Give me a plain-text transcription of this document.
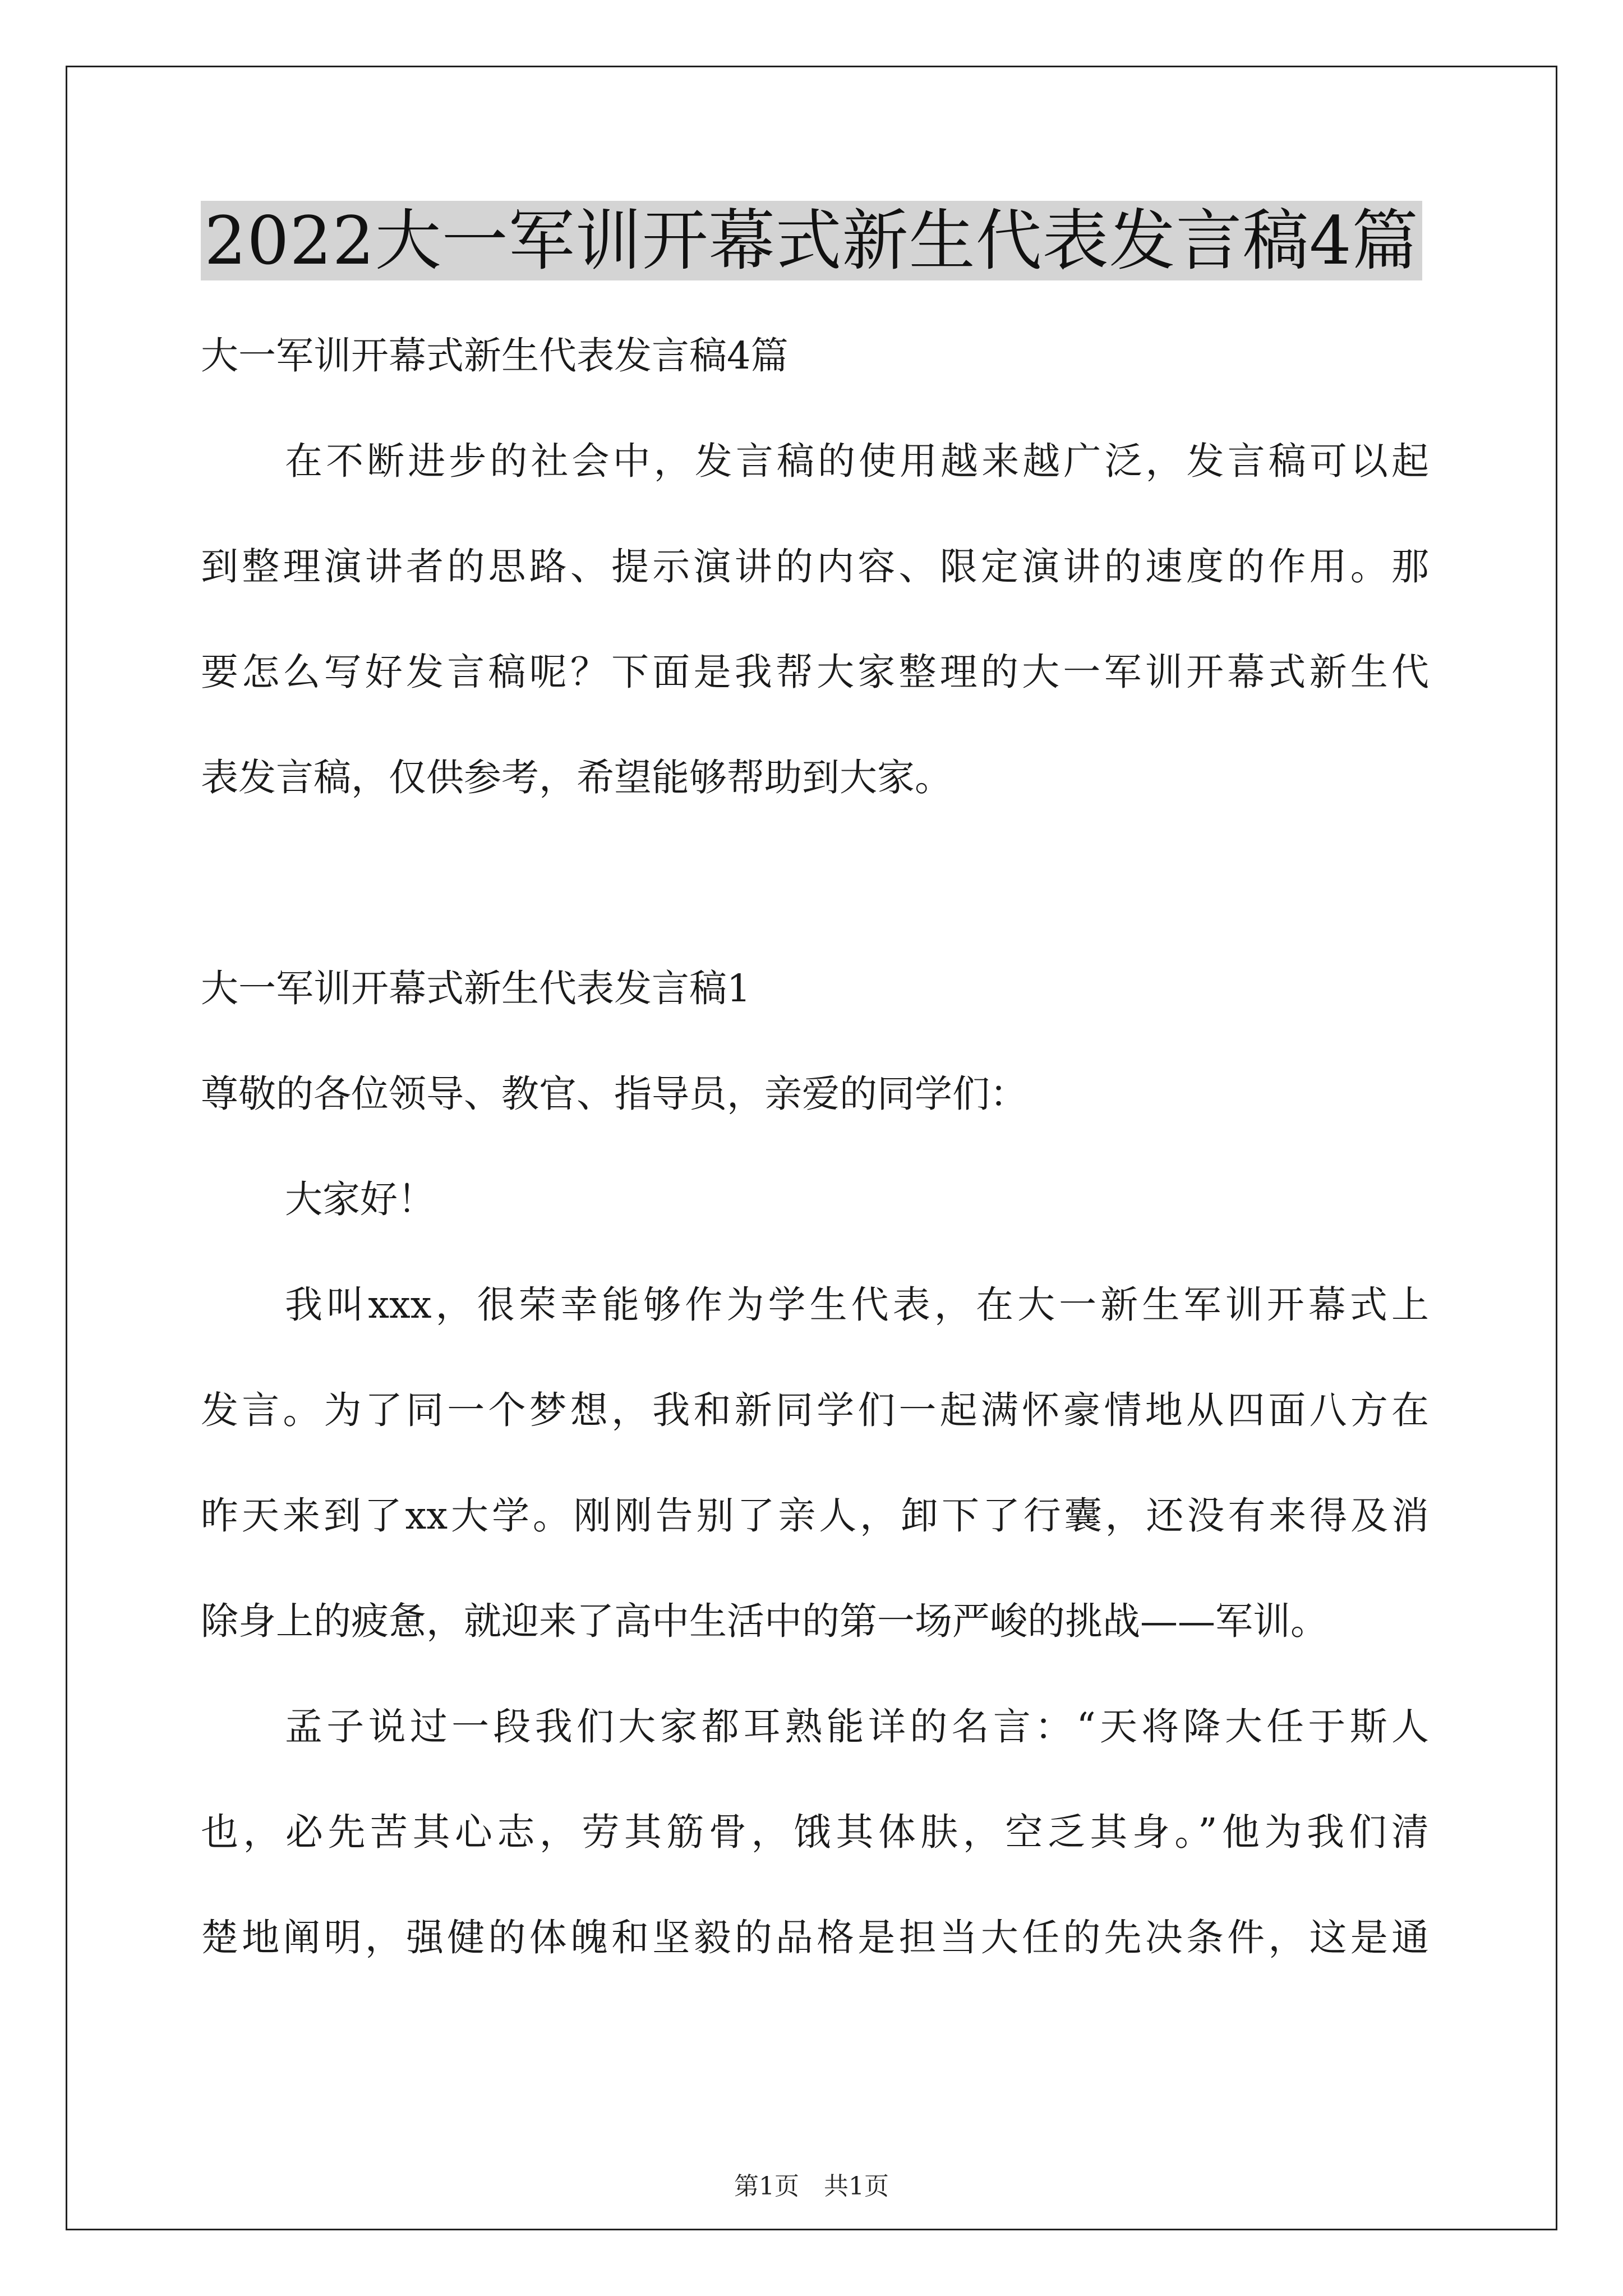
2022大一军训开幕式新生代表发言稿4篇
大一军训开幕式新生代表发言稿4篇
在不断进步的社会中，发言稿的使用越来越广泛，发言稿可以起
到整理演讲者的思路、提示演讲的内容、限定演讲的速度的作用。那
要怎么写好发言稿呢？下面是我帮大家整理的大一军训开幕式新生代
表发言稿，仅供参考，希望能够帮助到大家。
大一军训开幕式新生代表发言稿1
尊敬的各位领导、教官、指导员，亲爱的同学们：
大家好！
我叫xxx，很荣幸能够作为学生代表，在大一新生军训开幕式上
发言。为了同一个梦想，我和新同学们一起满怀豪情地从四面八方在
昨天来到了xx大学。刚刚告别了亲人，卸下了行囊，还没有来得及消
除身上的疲惫，就迎来了高中生活中的第一场严峻的挑战——军训。
孟子说过一段我们大家都耳熟能详的名言：“天将降大任于斯人
也，必先苦其心志，劳其筋骨，饿其体肤，空乏其身。”他为我们清
楚地阐明，强健的体魄和坚毅的品格是担当大任的先决条件，这是通
第1页 共1页
